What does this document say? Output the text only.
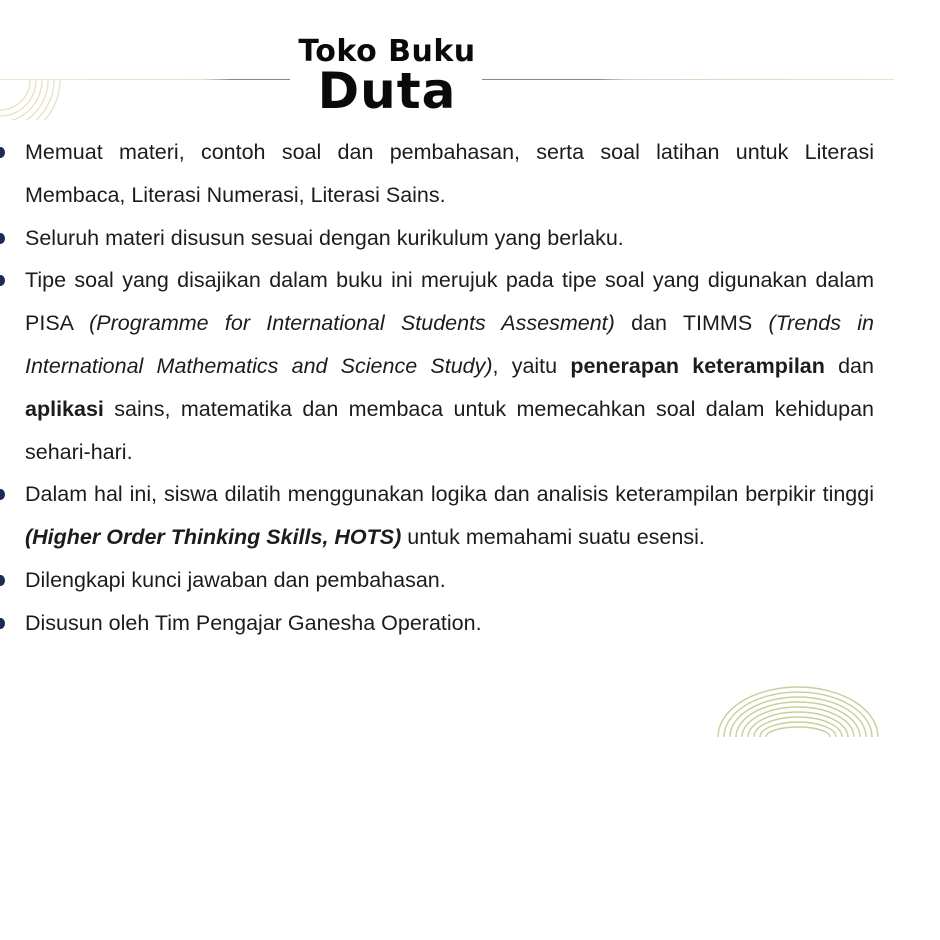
Toko Buku
Duta
Memuat materi, contoh soal dan pembahasan, serta soal latihan untuk Literasi Membaca, Literasi Numerasi, Literasi Sains.
Seluruh materi disusun sesuai dengan kurikulum yang berlaku.
Tipe soal yang disajikan dalam buku ini merujuk pada tipe soal yang digunakan dalam PISA (Programme for International Students Assesment) dan TIMMS (Trends in International Mathematics and Science Study), yaitu penerapan keterampilan dan aplikasi sains, matematika dan membaca untuk memecahkan soal dalam kehidupan sehari-hari.
Dalam hal ini, siswa dilatih menggunakan logika dan analisis keterampilan berpikir tinggi (Higher Order Thinking Skills, HOTS) untuk memahami suatu esensi.
Dilengkapi kunci jawaban dan pembahasan.
Disusun oleh Tim Pengajar Ganesha Operation.
